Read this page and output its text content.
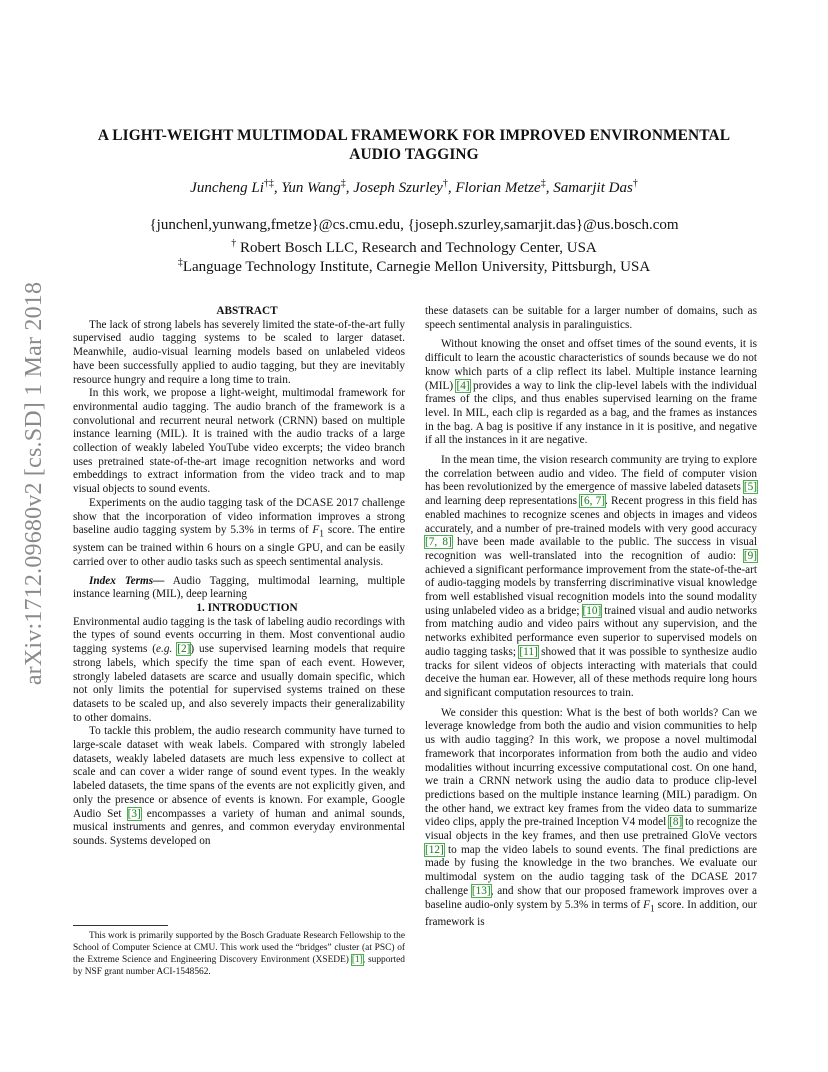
arXiv:1712.09680v2 [cs.SD] 1 Mar 2018
A LIGHT-WEIGHT MULTIMODAL FRAMEWORK FOR IMPROVED ENVIRONMENTAL
AUDIO TAGGING
Juncheng Li†‡, Yun Wang‡, Joseph Szurley†, Florian Metze‡, Samarjit Das†
{junchenl,yunwang,fmetze}@cs.cmu.edu, {joseph.szurley,samarjit.das}@us.bosch.com
† Robert Bosch LLC, Research and Technology Center, USA
‡Language Technology Institute, Carnegie Mellon University, Pittsburgh, USA

ABSTRACT

The lack of strong labels has severely limited the state-of-the-art fully supervised audio tagging systems to be scaled to larger dataset. Meanwhile, audio-visual learning models based on unlabeled videos have been successfully applied to audio tagging, but they are inevitably resource hungry and require a long time to train.

In this work, we propose a light-weight, multimodal framework for environmental audio tagging. The audio branch of the framework is a convolutional and recurrent neural network (CRNN) based on multiple instance learning (MIL). It is trained with the audio tracks of a large collection of weakly labeled YouTube video excerpts; the video branch uses pretrained state-of-the-art image recognition networks and word embeddings to extract information from the video track and to map visual objects to sound events.

Experiments on the audio tagging task of the DCASE 2017 challenge show that the incorporation of video information improves a strong baseline audio tagging system by 5.3% in terms of $F_1$ score. The entire system can be trained within 6 hours on a single GPU, and can be easily carried over to other audio tasks such as speech sentimental analysis.

Index Terms— Audio Tagging, multimodal learning, multiple instance learning (MIL), deep learning

1. INTRODUCTION

Environmental audio tagging is the task of labeling audio recordings with the types of sound events occurring in them. Most conventional audio tagging systems (e.g. [2]) use supervised learning models that require strong labels, which specify the time span of each event. However, strongly labeled datasets are scarce and usually domain specific, which not only limits the potential for supervised systems trained on these datasets to be scaled up, and also severely impacts their generalizability to other domains.

To tackle this problem, the audio research community have turned to large-scale dataset with weak labels. Compared with strongly labeled datasets, weakly labeled datasets are much less expensive to collect at scale and can cover a wider range of sound event types. In the weakly labeled datasets, the time spans of the events are not explicitly given, and only the presence or absence of events is known. For example, Google Audio Set [3] encompasses a variety of human and animal sounds, musical instruments and genres, and common everyday environmental sounds. Systems developed on

This work is primarily supported by the Bosch Graduate Research Fellowship to the School of Computer Science at CMU. This work used the “bridges” cluster (at PSC) of the Extreme Science and Engineering Discovery Environment (XSEDE) [1], supported by NSF grant number ACI-1548562.

these datasets can be suitable for a larger number of domains, such as speech sentimental analysis in paralinguistics.

Without knowing the onset and offset times of the sound events, it is difficult to learn the acoustic characteristics of sounds because we do not know which parts of a clip reflect its label. Multiple instance learning (MIL) [4] provides a way to link the clip-level labels with the individual frames of the clips, and thus enables supervised learning on the frame level. In MIL, each clip is regarded as a bag, and the frames as instances in the bag. A bag is positive if any instance in it is positive, and negative if all the instances in it are negative.

In the mean time, the vision research community are trying to explore the correlation between audio and video. The field of computer vision has been revolutionized by the emergence of massive labeled datasets [5] and learning deep representations [6, 7]. Recent progress in this field has enabled machines to recognize scenes and objects in images and videos accurately, and a number of pre-trained models with very good accuracy [7, 8] have been made available to the public. The success in visual recognition was well-translated into the recognition of audio: [9] achieved a significant performance improvement from the state-of-the-art of audio-tagging models by transferring discriminative visual knowledge from well established visual recognition models into the sound modality using unlabeled video as a bridge; [10] trained visual and audio networks from matching audio and video pairs without any supervision, and the networks exhibited performance even superior to supervised models on audio tagging tasks; [11] showed that it was possible to synthesize audio tracks for silent videos of objects interacting with materials that could deceive the human ear. However, all of these methods require long hours and significant computation resources to train.

We consider this question: What is the best of both worlds? Can we leverage knowledge from both the audio and vision communities to help us with audio tagging? In this work, we propose a novel multimodal framework that incorporates information from both the audio and video modalities without incurring excessive computational cost. On one hand, we train a CRNN network using the audio data to produce clip-level predictions based on the multiple instance learning (MIL) paradigm. On the other hand, we extract key frames from the video data to summarize video clips, apply the pre-trained Inception V4 model [8] to recognize the visual objects in the key frames, and then use pretrained GloVe vectors [12] to map the video labels to sound events. The final predictions are made by fusing the knowledge in the two branches. We evaluate our multimodal system on the audio tagging task of the DCASE 2017 challenge [13], and show that our proposed framework improves over a baseline audio-only system by 5.3% in terms of $F_1$ score. In addition, our framework is
